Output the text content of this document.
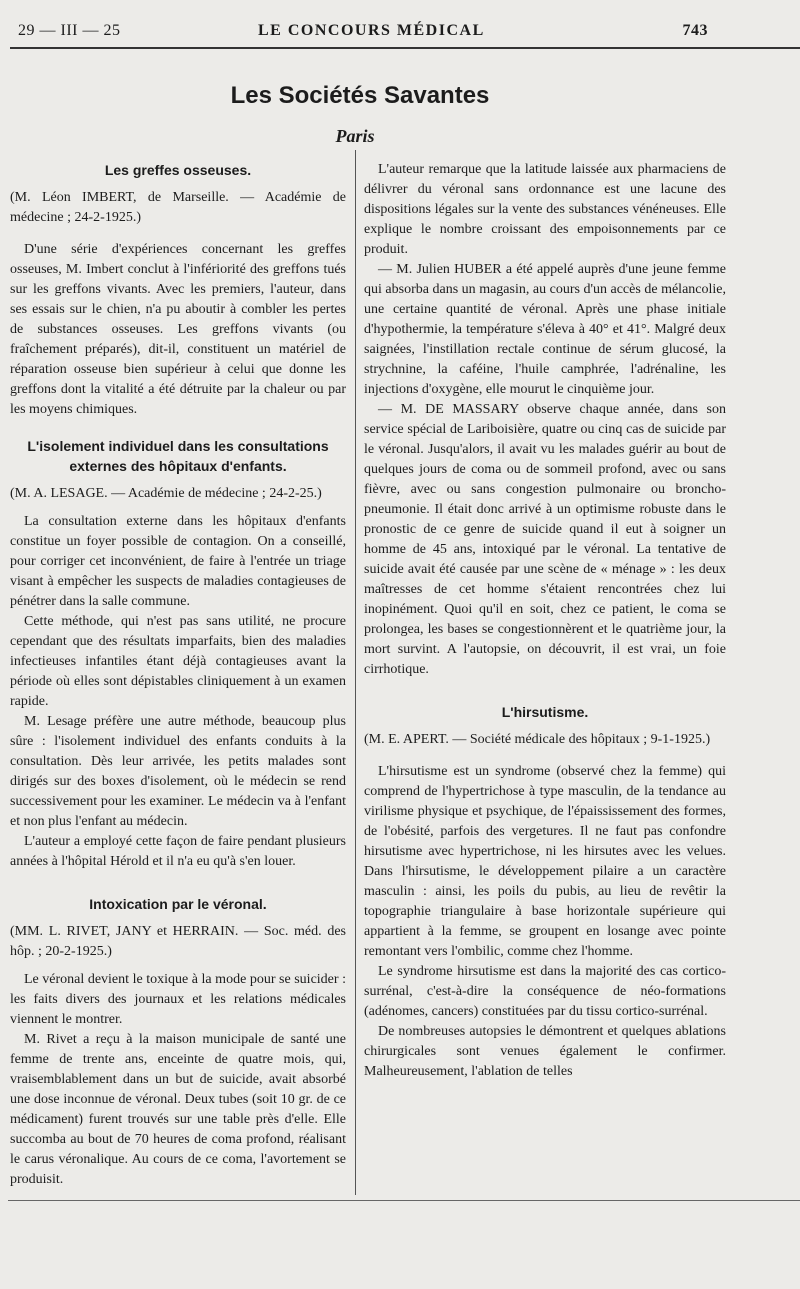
29 — III — 25	LE CONCOURS MÉDICAL	743
Les Sociétés Savantes
Paris
Les greffes osseuses.

(M. Léon IMBERT, de Marseille. — Académie de médecine ; 24-2-1925.)

D'une série d'expériences concernant les greffes osseuses, M. Imbert conclut à l'infériorité des greffons tués sur les greffons vivants. Avec les premiers, l'auteur, dans ses essais sur le chien, n'a pu aboutir à combler les pertes de substances osseuses. Les greffons vivants (ou fraîchement préparés), dit-il, constituent un matériel de réparation osseuse bien supérieur à celui que donne les greffons dont la vitalité a été détruite par la chaleur ou par les moyens chimiques.

L'isolement individuel dans les consultations externes des hôpitaux d'enfants.

(M. A. LESAGE. — Académie de médecine ; 24-2-25.)

La consultation externe dans les hôpitaux d'enfants constitue un foyer possible de contagion. On a conseillé, pour corriger cet inconvénient, de faire à l'entrée un triage visant à empêcher les suspects de maladies contagieuses de pénétrer dans la salle commune.

Cette méthode, qui n'est pas sans utilité, ne procure cependant que des résultats imparfaits, bien des maladies infectieuses infantiles étant déjà contagieuses avant la période où elles sont dépistables cliniquement à un examen rapide.

M. Lesage préfère une autre méthode, beaucoup plus sûre : l'isolement individuel des enfants conduits à la consultation. Dès leur arrivée, les petits malades sont dirigés sur des boxes d'isolement, où le médecin se rend successivement pour les examiner. Le médecin va à l'enfant et non plus l'enfant au médecin.

L'auteur a employé cette façon de faire pendant plusieurs années à l'hôpital Hérold et il n'a eu qu'à s'en louer.

Intoxication par le véronal.

(MM. L. RIVET, JANY et HERRAIN. — Soc. méd. des hôp. ; 20-2-1925.)

Le véronal devient le toxique à la mode pour se suicider : les faits divers des journaux et les relations médicales viennent le montrer.

M. Rivet a reçu à la maison municipale de santé une femme de trente ans, enceinte de quatre mois, qui, vraisemblablement dans un but de suicide, avait absorbé une dose inconnue de véronal. Deux tubes (soit 10 gr. de ce médicament) furent trouvés sur une table près d'elle. Elle succomba au bout de 70 heures de coma profond, réalisant le carus véronalique. Au cours de ce coma, l'avortement se produisit.

L'auteur remarque que la latitude laissée aux pharmaciens de délivrer du véronal sans ordonnance est une lacune des dispositions légales sur la vente des substances vénéneuses. Elle explique le nombre croissant des empoisonnements par ce produit.

— M. Julien HUBER a été appelé auprès d'une jeune femme qui absorba dans un magasin, au cours d'un accès de mélancolie, une certaine quantité de véronal. Après une phase initiale d'hypothermie, la température s'éleva à 40° et 41°. Malgré deux saignées, l'instillation rectale continue de sérum glucosé, la strychnine, la caféine, l'huile camphrée, l'adrénaline, les injections d'oxygène, elle mourut le cinquième jour.

— M. DE MASSARY observe chaque année, dans son service spécial de Lariboisière, quatre ou cinq cas de suicide par le véronal. Jusqu'alors, il avait vu les malades guérir au bout de quelques jours de coma ou de sommeil profond, avec ou sans fièvre, avec ou sans congestion pulmonaire ou broncho-pneumonie. Il était donc arrivé à un optimisme robuste dans le pronostic de ce genre de suicide quand il eut à soigner un homme de 45 ans, intoxiqué par le véronal. La tentative de suicide avait été causée par une scène de « ménage » : les deux maîtresses de cet homme s'étaient rencontrées chez lui inopinément. Quoi qu'il en soit, chez ce patient, le coma se prolongea, les bases se congestionnèrent et le quatrième jour, la mort survint. A l'autopsie, on découvrit, il est vrai, un foie cirrhotique.

L'hirsutisme.

(M. E. APERT. — Société médicale des hôpitaux ; 9-1-1925.)

L'hirsutisme est un syndrome (observé chez la femme) qui comprend de l'hypertrichose à type masculin, de la tendance au virilisme physique et psychique, de l'épaississement des formes, de l'obésité, parfois des vergetures. Il ne faut pas confondre hirsutisme avec hypertrichose, ni les hirsutes avec les velues. Dans l'hirsutisme, le développement pilaire a un caractère masculin : ainsi, les poils du pubis, au lieu de revêtir la topographie triangulaire à base horizontale supérieure qui appartient à la femme, se groupent en losange avec pointe remontant vers l'ombilic, comme chez l'homme.

Le syndrome hirsutisme est dans la majorité des cas cortico-surrénal, c'est-à-dire la conséquence de néo-formations (adénomes, cancers) constituées par du tissu cortico-surrénal.

De nombreuses autopsies le démontrent et quelques ablations chirurgicales sont venues également le confirmer. Malheureusement, l'ablation de telles
